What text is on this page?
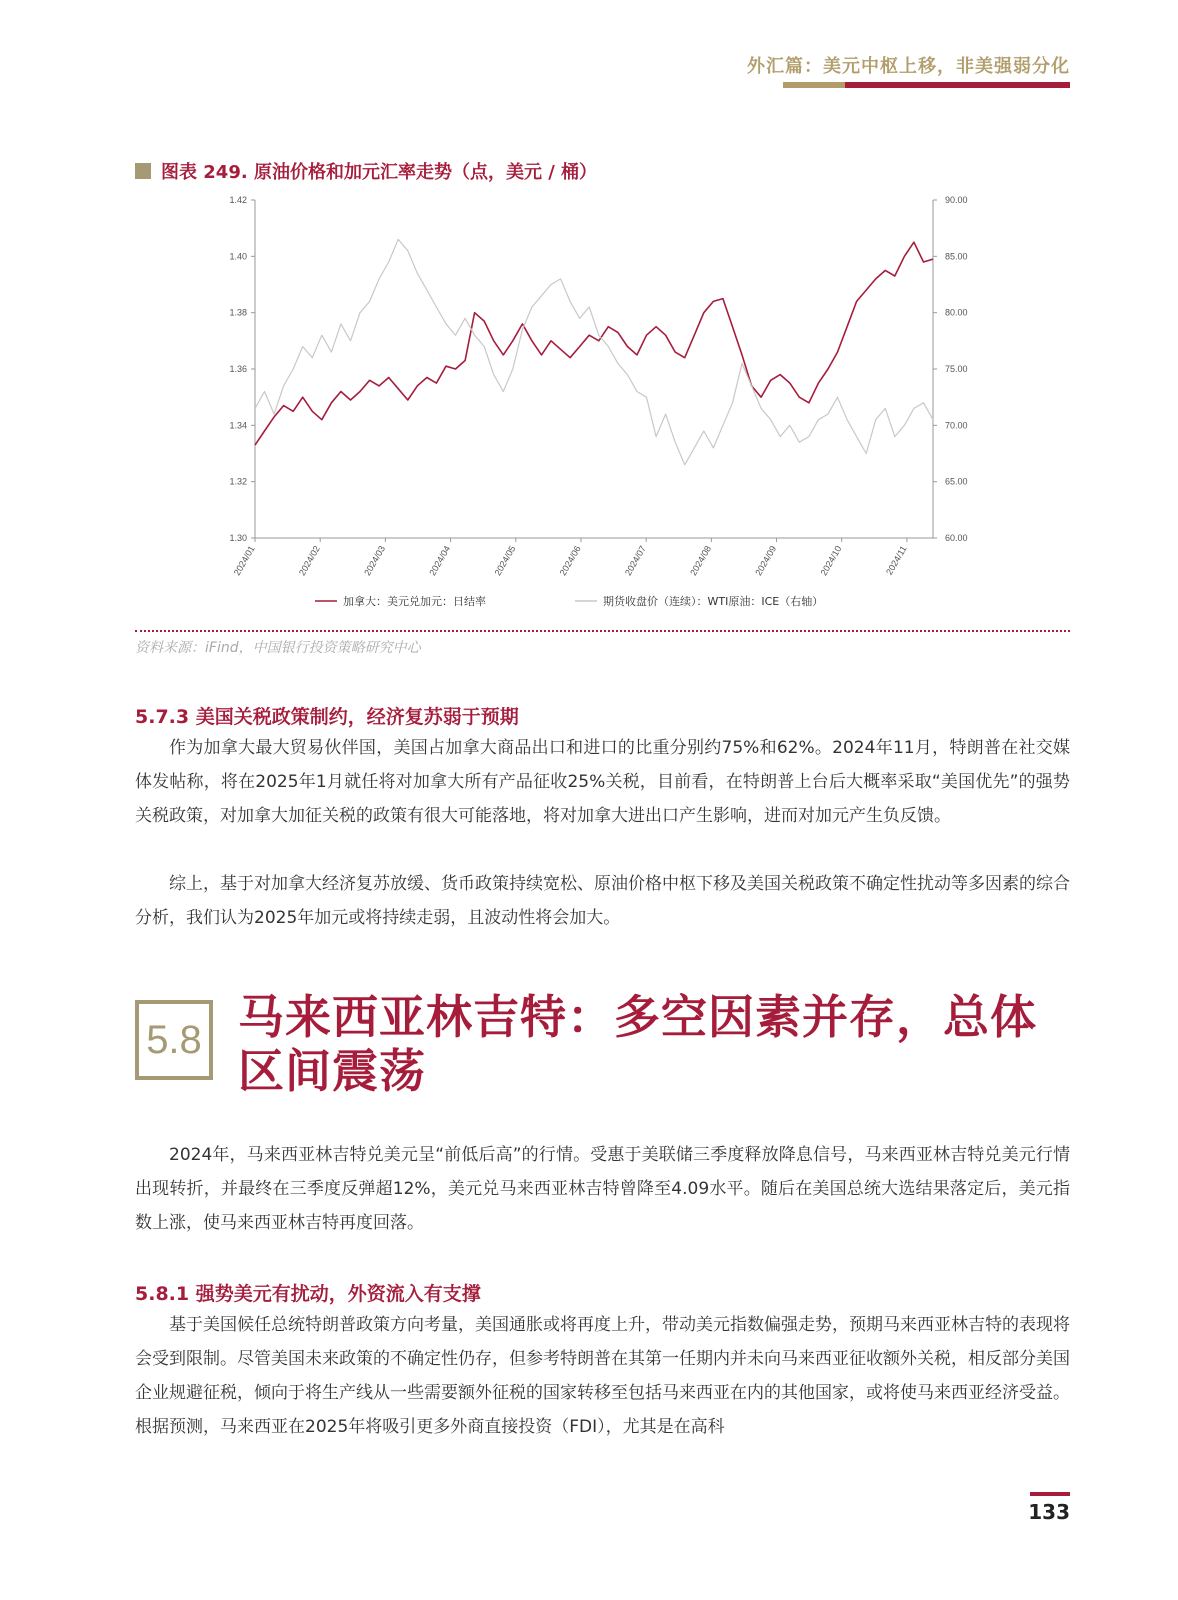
外汇篇：美元中枢上移，非美强弱分化
图表 249. 原油价格和加元汇率走势（点，美元 / 桶）
1.30
1.32
1.34
1.36
1.38
1.40
1.42
60.00
65.00
70.00
75.00
80.00
85.00
90.00
2024/01	2024/02	2024/03	2024/04	2024/05	2024/06	2024/07	2024/08	2024/09	2024/10	2024/11
加拿大：美元兑加元：日结率	期货收盘价（连续）：WTI原油：ICE（右轴）
资料来源：iFind，中国银行投资策略研究中心
5.7.3 美国关税政策制约，经济复苏弱于预期

作为加拿大最大贸易伙伴国，美国占加拿大商品出口和进口的比重分别约75%和62%。2024年11月，特朗普在社交媒体发帖称，将在2025年1月就任将对加拿大所有产品征收25%关税，目前看，在特朗普上台后大概率采取“美国优先”的强势关税政策，对加拿大加征关税的政策有很大可能落地，将对加拿大进出口产生影响，进而对加元产生负反馈。

综上，基于对加拿大经济复苏放缓、货币政策持续宽松、原油价格中枢下移及美国关税政策不确定性扰动等多因素的综合分析，我们认为2025年加元或将持续走弱，且波动性将会加大。

5.8 马来西亚林吉特：多空因素并存，总体区间震荡

2024年，马来西亚林吉特兑美元呈“前低后高”的行情。受惠于美联储三季度释放降息信号，马来西亚林吉特兑美元行情出现转折，并最终在三季度反弹超12%，美元兑马来西亚林吉特曾降至4.09水平。随后在美国总统大选结果落定后，美元指数上涨，使马来西亚林吉特再度回落。

5.8.1 强势美元有扰动，外资流入有支撑

基于美国候任总统特朗普政策方向考量，美国通胀或将再度上升，带动美元指数偏强走势，预期马来西亚林吉特的表现将会受到限制。尽管美国未来政策的不确定性仍存，但参考特朗普在其第一任期内并未向马来西亚征收额外关税，相反部分美国企业规避征税，倾向于将生产线从一些需要额外征税的国家转移至包括马来西亚在内的其他国家，或将使马来西亚经济受益。根据预测，马来西亚在2025年将吸引更多外商直接投资（FDI），尤其是在高科

133
